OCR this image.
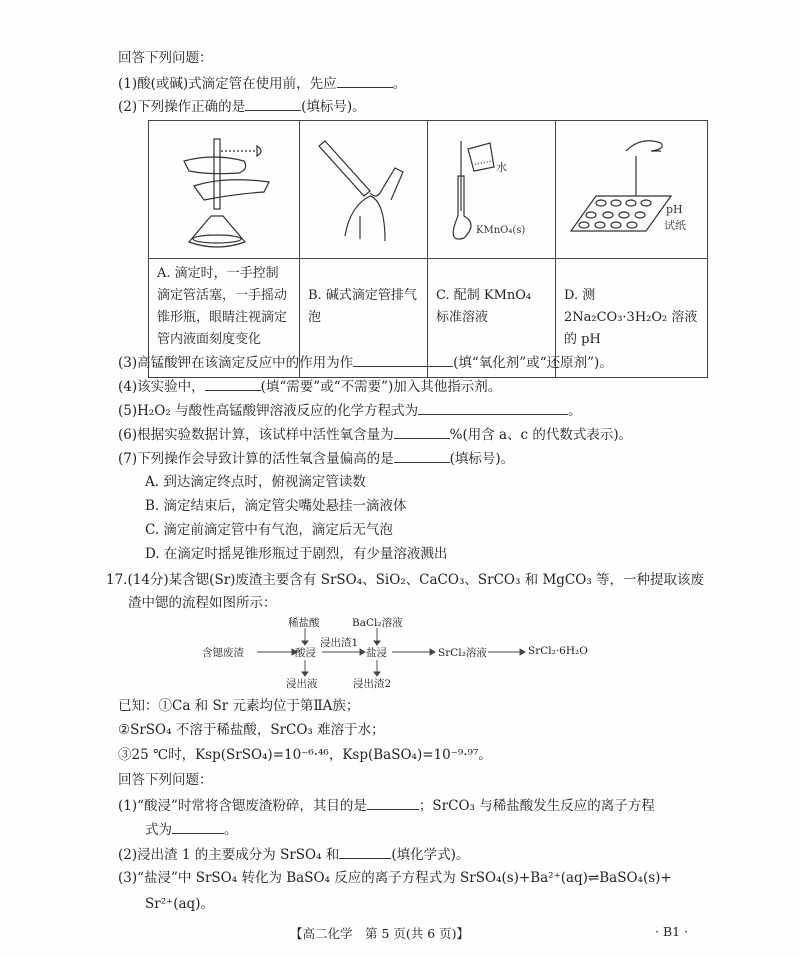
回答下列问题：
(1)酸(或碱)式滴定管在使用前，先应	。
(2)下列操作正确的是	(填标号)。

水
KMnO₄(s)	pH
试纸

A. 滴定时，一手控制滴定管活塞，一手摇动锥形瓶，眼睛注视滴定管内液面刻度变化	B. 碱式滴定管排气泡	C. 配制 KMnO₄ 标准溶液	D. 测 2Na₂CO₃·3H₂O₂ 溶液的 pH
(3)高锰酸钾在该滴定反应中的作用为作	(填“氧化剂”或“还原剂”)。
(4)该实验中，	(填“需要”或“不需要”)加入其他指示剂。
(5)H₂O₂ 与酸性高锰酸钾溶液反应的化学方程式为	。
(6)根据实验数据计算，该试样中活性氧含量为	%(用含 a、c 的代数式表示)。
(7)下列操作会导致计算的活性氧含量偏高的是	(填标号)。
A. 到达滴定终点时，俯视滴定管读数
B. 滴定结束后，滴定管尖嘴处悬挂一滴液体
C. 滴定前滴定管中有气泡，滴定后无气泡
D. 在滴定时摇晃锥形瓶过于剧烈，有少量溶液溅出
17.(14分)某含锶(Sr)废渣主要含有 SrSO₄、SiO₂、CaCO₃、SrCO₃ 和 MgCO₃ 等，一种提取该废
渣中锶的流程如图所示：
含锶废渣
稀盐酸
酸浸
浸出液
浸出渣1
BaCl₂溶液
盐浸
浸出渣2
SrCl₂溶液	SrCl₂·6H₂O
已知：①Ca 和 Sr 元素均位于第ⅡA族；
②SrSO₄ 不溶于稀盐酸，SrCO₃ 难溶于水；
③25 ℃时，Ksp(SrSO₄)=10⁻⁶·⁴⁶，Ksp(BaSO₄)=10⁻⁹·⁹⁷。
回答下列问题：
(1)“酸浸”时常将含锶废渣粉碎，其目的是	；SrCO₃ 与稀盐酸发生反应的离子方程
式为	。
(2)浸出渣 1 的主要成分为 SrSO₄ 和	(填化学式)。
(3)“盐浸”中 SrSO₄ 转化为 BaSO₄ 反应的离子方程式为 SrSO₄(s)+Ba²⁺(aq)⇌BaSO₄(s)+
Sr²⁺(aq)。
【高二化学　第 5 页(共 6 页)】	· B1 ·
